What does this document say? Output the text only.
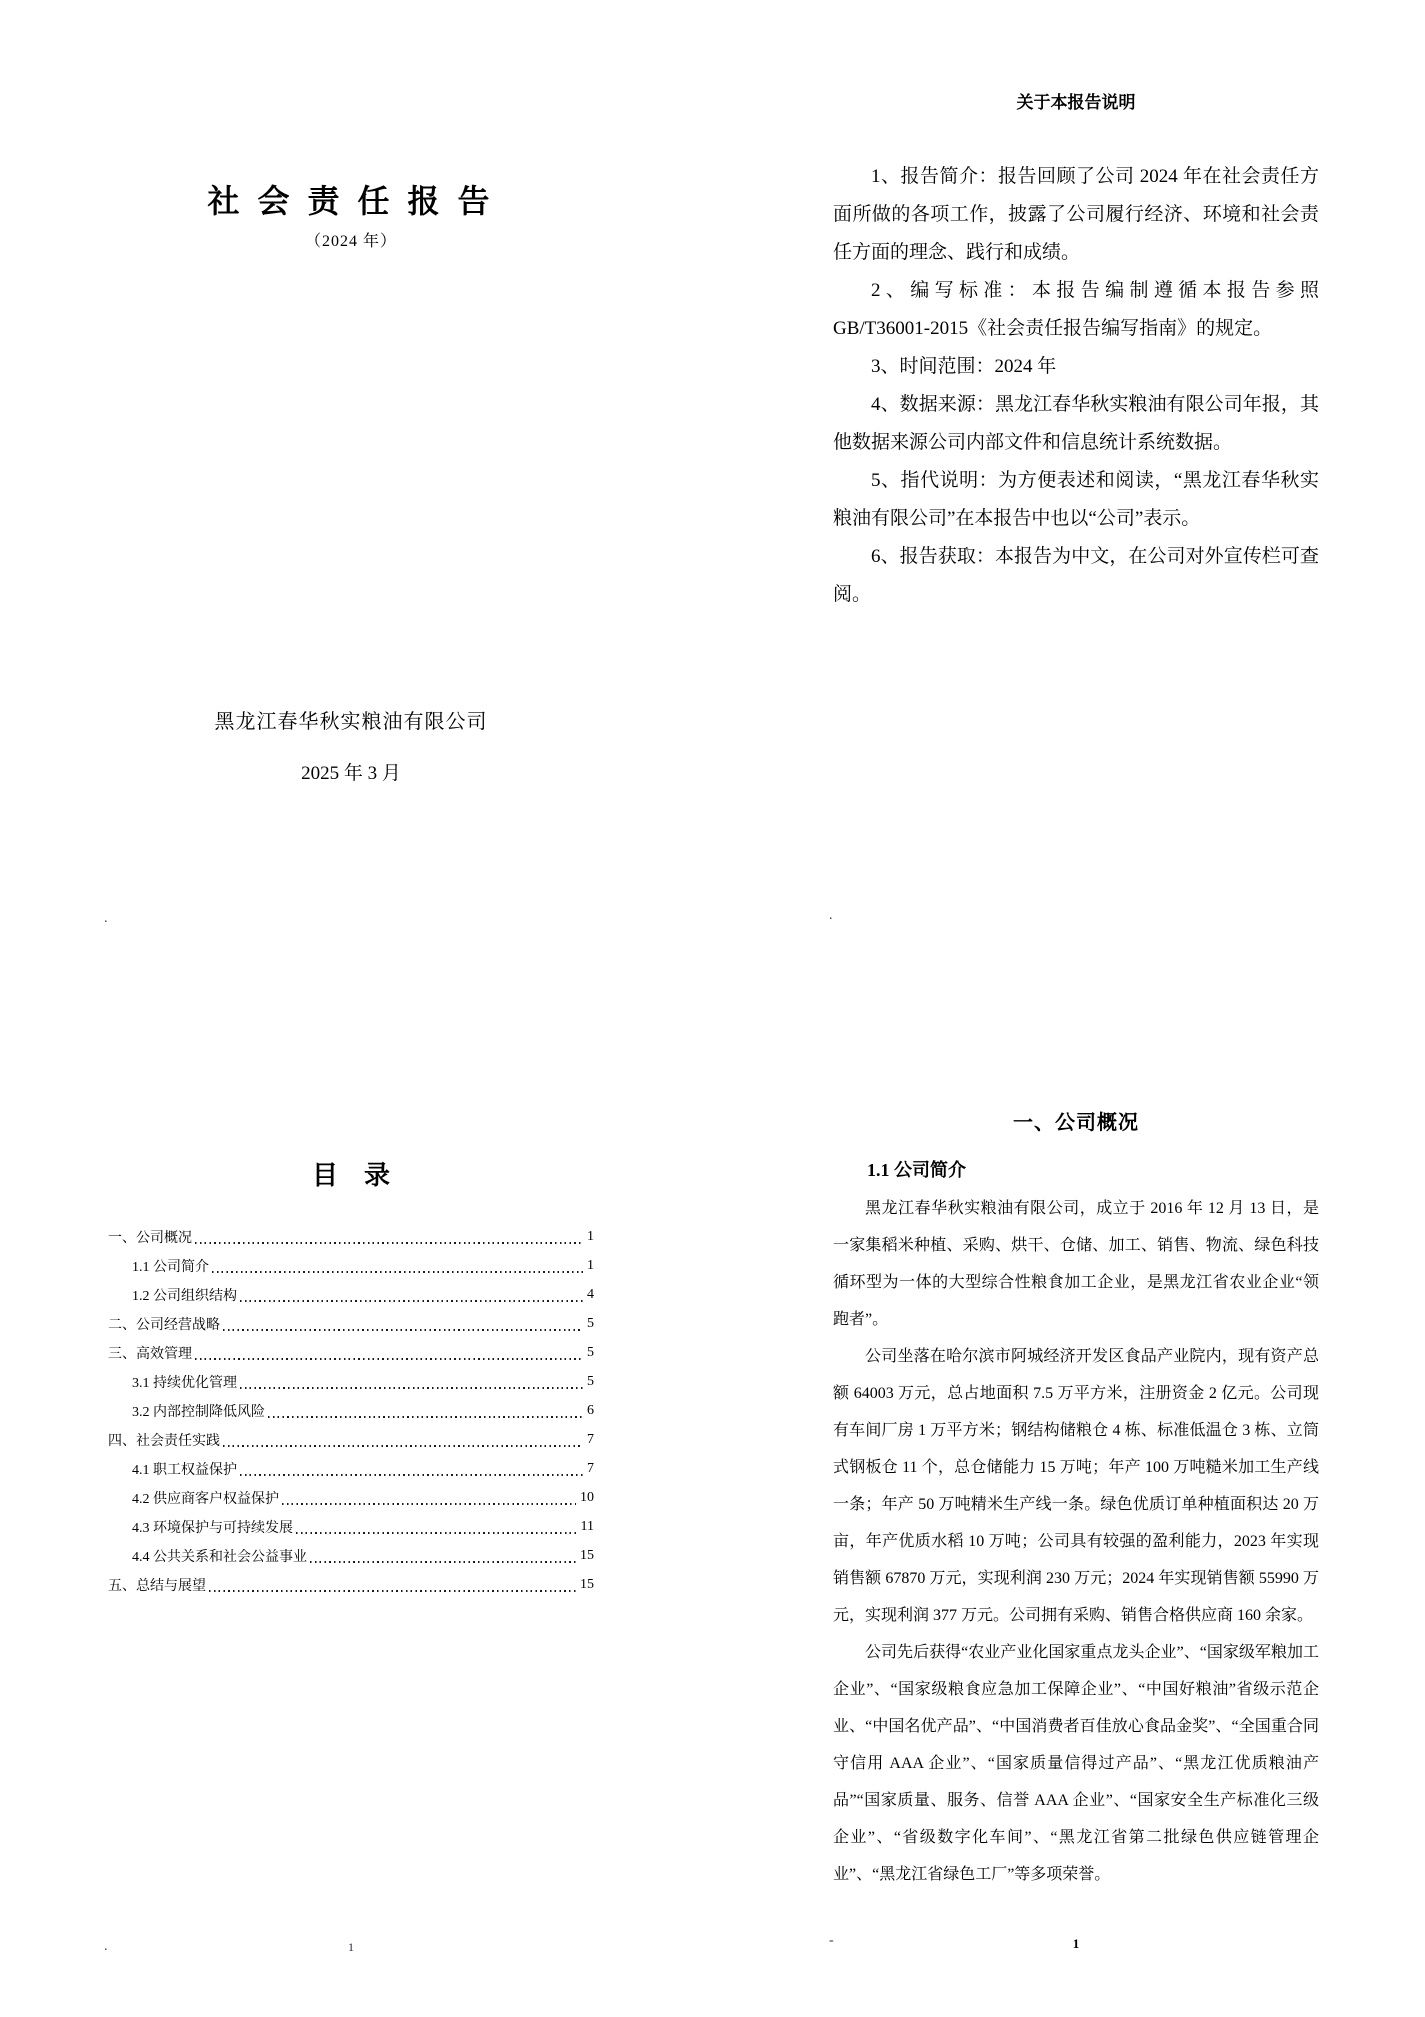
社 会 责 任 报 告
（2024 年）
黑龙江春华秋实粮油有限公司
2025 年 3 月
.
关于本报告说明

1、报告简介：报告回顾了公司 2024 年在社会责任方面所做的各项工作，披露了公司履行经济、环境和社会责任方面的理念、践行和成绩。

2、编写标准：本报告编制遵循本报告参照 GB/T36001-2015《社会责任报告编写指南》的规定。

3、时间范围：2024 年

4、数据来源：黑龙江春华秋实粮油有限公司年报，其他数据来源公司内部文件和信息统计系统数据。

5、指代说明：为方便表述和阅读，“黑龙江春华秋实粮油有限公司”在本报告中也以“公司”表示。

6、报告获取：本报告为中文，在公司对外宣传栏可查阅。

.
目    录
一、公司概况	1
1.1 公司简介	1
1.2 公司组织结构	4
二、公司经营战略	5
三、高效管理	5
3.1 持续优化管理	5
3.2 内部控制降低风险	6
四、社会责任实践	7
4.1 职工权益保护	7
4.2 供应商客户权益保护	10
4.3 环境保护与可持续发展	11
4.4 公共关系和社会公益事业	15
五、总结与展望	15
.	1
一、公司概况
1.1 公司简介

黑龙江春华秋实粮油有限公司，成立于 2016 年 12 月 13 日，是一家集稻米种植、采购、烘干、仓储、加工、销售、物流、绿色科技循环型为一体的大型综合性粮食加工企业，是黑龙江省农业企业“领跑者”。

公司坐落在哈尔滨市阿城经济开发区食品产业院内，现有资产总额 64003 万元，总占地面积 7.5 万平方米，注册资金 2 亿元。公司现有车间厂房 1 万平方米；钢结构储粮仓 4 栋、标准低温仓 3 栋、立筒式钢板仓 11 个，总仓储能力 15 万吨；年产 100 万吨糙米加工生产线一条；年产 50 万吨精米生产线一条。绿色优质订单种植面积达 20 万亩，年产优质水稻 10 万吨；公司具有较强的盈利能力，2023 年实现销售额 67870 万元，实现利润 230 万元；2024 年实现销售额 55990 万元，实现利润 377 万元。公司拥有采购、销售合格供应商 160 余家。

公司先后获得“农业产业化国家重点龙头企业”、“国家级军粮加工企业”、“国家级粮食应急加工保障企业”、“中国好粮油”省级示范企业、“中国名优产品”、“中国消费者百佳放心食品金奖”、“全国重合同守信用 AAA 企业”、“国家质量信得过产品”、“黑龙江优质粮油产品”“国家质量、服务、信誉 AAA 企业”、“国家安全生产标准化三级企业”、“省级数字化车间”、“黑龙江省第二批绿色供应链管理企业”、“黑龙江省绿色工厂”等多项荣誉。

-	1
